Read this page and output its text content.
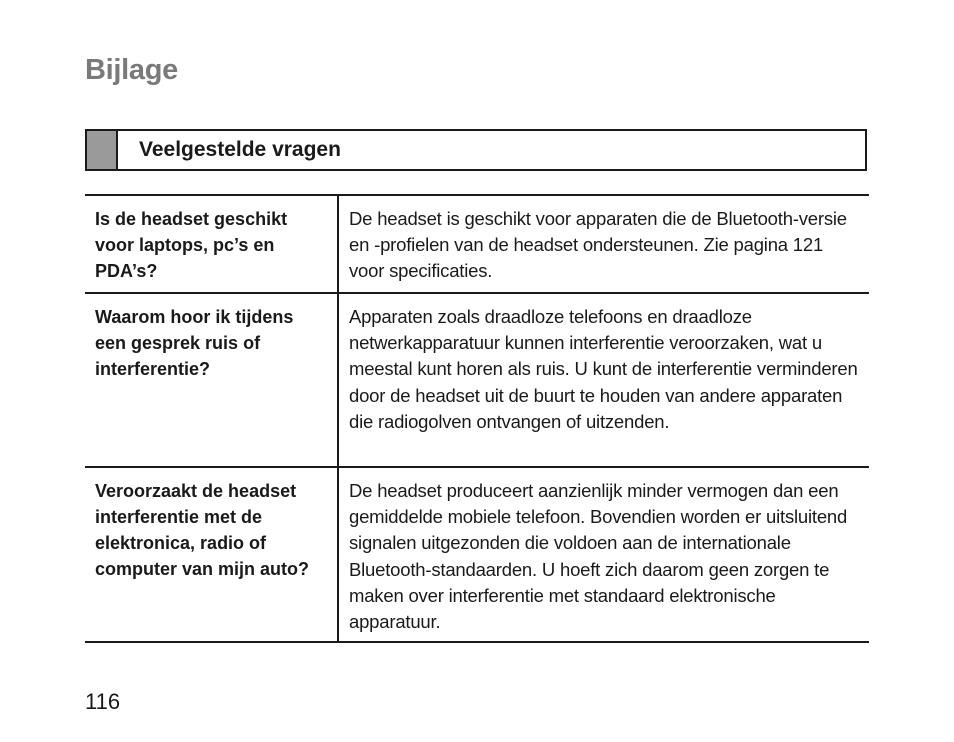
Bijlage
Veelgestelde vragen
Is de headset geschikt voor laptops, pc’s en PDA’s?	De headset is geschikt voor apparaten die de Bluetooth-versie en -profielen van de headset ondersteunen. Zie pagina 121 voor specificaties.
Waarom hoor ik tijdens een gesprek ruis of interferentie?	Apparaten zoals draadloze telefoons en draadloze netwerkapparatuur kunnen interferentie veroorzaken, wat u meestal kunt horen als ruis. U kunt de interferentie verminderen door de headset uit de buurt te houden van andere apparaten die radiogolven ontvangen of uitzenden.
Veroorzaakt de headset interferentie met de elektronica, radio of computer van mijn auto?	De headset produceert aanzienlijk minder vermogen dan een gemiddelde mobiele telefoon. Bovendien worden er uitsluitend signalen uitgezonden die voldoen aan de internationale Bluetooth-standaarden. U hoeft zich daarom geen zorgen te maken over interferentie met standaard elektronische apparatuur.
116
